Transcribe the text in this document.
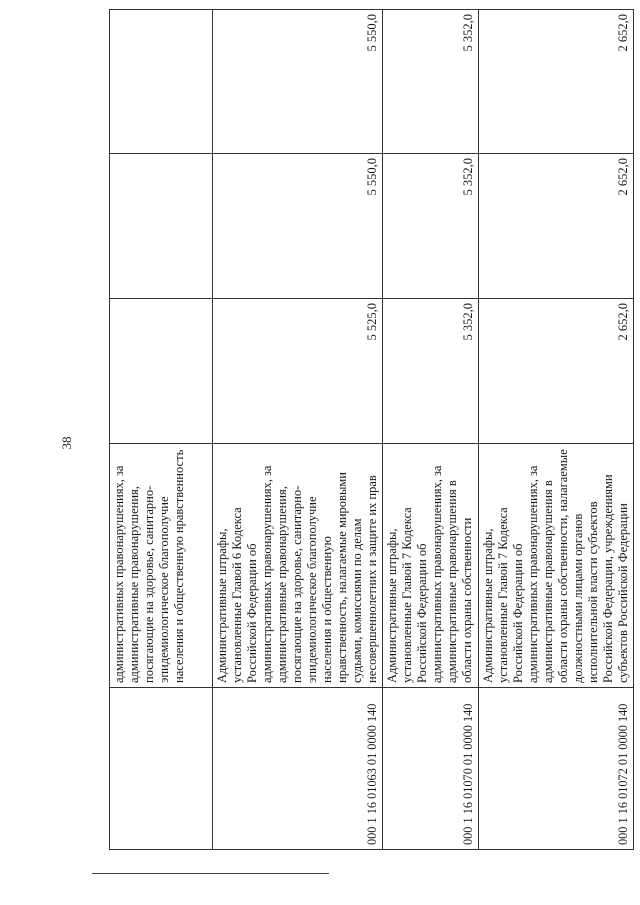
38
	административных правонарушениях, за административные правонарушения, посягающие на здоровье, санитарно-эпидемиологическое благополучие населения и общественную нравственность			
000 1 16 01063 01 0000 140	Административные штрафы, установленные Главой 6 Кодекса Российской Федерации об административных правонарушениях, за административные правонарушения, посягающие на здоровье, санитарно-эпидемиологическое благополучие населения и общественную нравственность, налагаемые мировыми судьями, комиссиями по делам несовершеннолетних и защите их прав	5 525,0	5 550,0	5 550,0
000 1 16 01070 01 0000 140	Административные штрафы, установленные Главой 7 Кодекса Российской Федерации об административных правонарушениях, за административные правонарушения в области охраны собственности	5 352,0	5 352,0	5 352,0
000 1 16 01072 01 0000 140	Административные штрафы, установленные Главой 7 Кодекса Российской Федерации об административных правонарушениях, за административные правонарушения в области охраны собственности, налагаемые должностными лицами органов исполнительной власти субъектов Российской Федерации, учреждениями субъектов Российской Федерации	2 652,0	2 652,0	2 652,0
